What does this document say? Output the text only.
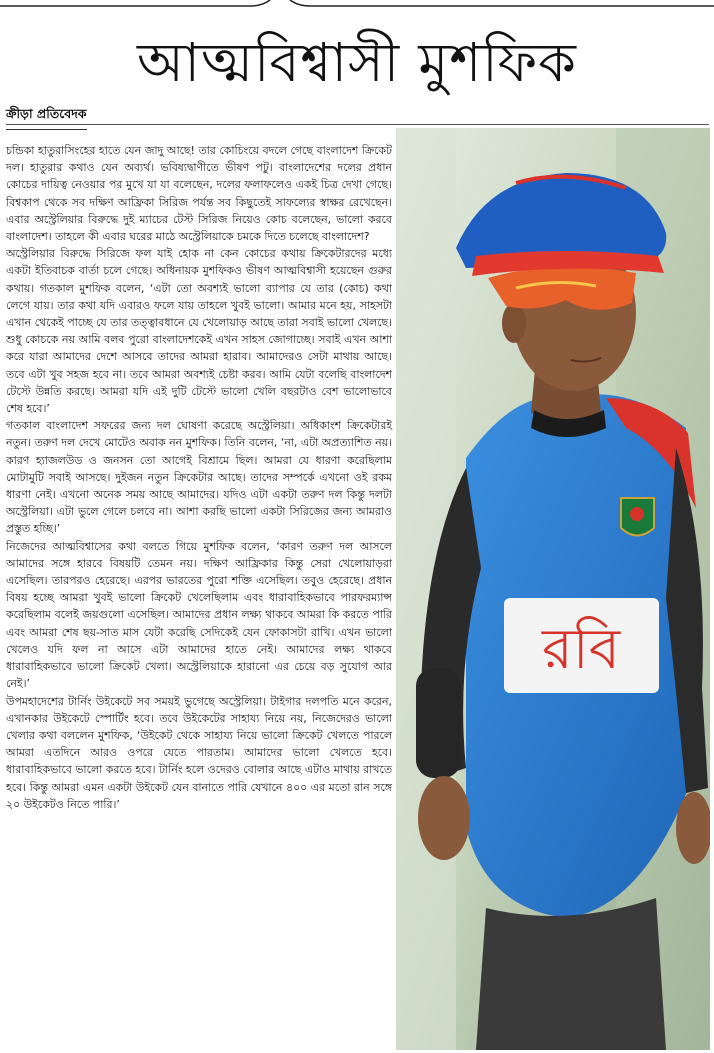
আত্মবিশ্বাসী মুশফিক
ক্রীড়া প্রতিবেদক

চন্ডিকা হাতুরাসিংহের হাতে যেন জাদু আছে! তার কোচিংয়ে বদলে গেছে বাংলাদেশ ক্রিকেট দল। হাতুরার কথাও যেন অব্যর্থ। ভবিষ্যদ্বাণীতে ভীষণ পটু। বাংলাদেশের দলের প্রধান কোচের দায়িত্ব নেওয়ার পর মুখে যা যা বলেছেন, দলের ফলাফলেও একই চিত্র দেখা গেছে। বিশ্বকাপ থেকে সব দক্ষিণ আফ্রিকা সিরিজ পর্যন্ত সব কিছুতেই সাফল্যের স্বাক্ষর রেখেছেন। এবার অস্ট্রেলিয়ার বিরুদ্ধে দুই ম্যাচের টেস্ট সিরিজ নিয়েও কোচ বলেছেন, ভালো করবে বাংলাদেশ। তাহলে কী এবার ঘরের মাঠে অস্ট্রেলিয়াকে চমকে দিতে চলেছে বাংলাদেশ?

অস্ট্রেলিয়ার বিরুদ্ধে সিরিজে ফল যাই হোক না কেন কোচের কথায় ক্রিকেটারদের মধ্যে একটা ইতিবাচক বার্তা চলে গেছে। অধিনায়ক মুশফিকও ভীষণ আত্মবিশ্বাসী হয়েছেন গুরুর কথায়। গতকাল মুশফিক বলেন, ‘এটা তো অবশ্যই ভালো ব্যাপার যে তার (কোচ) কথা লেগে যায়। তার কথা যদি এবারও ফলে যায় তাহলে খুবই ভালো। আমার মনে হয়, সাহসটা এখান থেকেই পাচ্ছে যে তার তত্ত্বাবধানে যে খেলোয়াড় আছে তারা সবাই ভালো খেলছে। শুধু কোচকে নয় আমি বলব পুরো বাংলাদেশকেই এখন সাহস জোগাচ্ছে। সবাই এখন আশা করে যারা আমাদের দেশে আসবে তাদের আমরা হারাব। আমাদেরও সেটা মাথায় আছে। তবে এটা খুব সহজ হবে না। তবে আমরা অবশ্যই চেষ্টা করব। আমি যেটা বলেছি বাংলাদেশ টেস্টে উন্নতি করছে। আমরা যদি এই দুটি টেস্টে ভালো খেলি বছরটাও বেশ ভালোভাবে শেষ হবে।’

গতকাল বাংলাদেশ সফরের জন্য দল ঘোষণা করেছে অস্ট্রেলিয়া। অধিকাংশ ক্রিকেটারই নতুন। তরুণ দল দেখে মোটেও অবাক নন মুশফিক। তিনি বলেন, ‘না, এটা অপ্রত্যাশিত নয়। কারণ হ্যাজলউড ও জনসন তো আগেই বিশ্রামে ছিল। আমরা যে ধারণা করেছিলাম মোটামুটি সবাই আসছে। দুইজন নতুন ক্রিকেটার আছে। তাদের সম্পর্কে এখনো ওই রকম ধারণা নেই। এখনো অনেক সময় আছে আমাদের। যদিও এটা একটা তরুণ দল কিন্তু দলটা অস্ট্রেলিয়া। এটা ভুলে গেলে চলবে না। আশা করছি ভালো একটা সিরিজের জন্য আমরাও প্রস্তুত হচ্ছি।’

নিজেদের আত্মবিশ্বাসের কথা বলতে গিয়ে মুশফিক বলেন, ‘কারণ তরুণ দল আসলে আমাদের সঙ্গে হারবে বিষয়টি তেমন নয়। দক্ষিণ আফ্রিকার কিন্তু সেরা খেলোয়াড়রা এসেছিল। তারপরও হেরেছে। এরপর ভারতের পুরো শক্তি এসেছিল। তবুও হেরেছে। প্রধান বিষয় হচ্ছে আমরা খুবই ভালো ক্রিকেট খেলেছিলাম এবং ধারাবাহিকভাবে পারফরম্যান্স করেছিলাম বলেই জয়গুলো এসেছিল। আমাদের প্রধান লক্ষ্য থাকবে আমরা কি করতে পারি এবং আমরা শেষ ছয়-সাত মাস যেটা করেছি সেদিকেই যেন ফোকাসটা রাখি। এখন ভালো খেলেও যদি ফল না আসে এটা আমাদের হাতে নেই। আমাদের লক্ষ্য থাকবে ধারাবাহিকভাবে ভালো ক্রিকেট খেলা। অস্ট্রেলিয়াকে হারানো এর চেয়ে বড় সুযোগ আর নেই।’

উপমহাদেশের টার্নিং উইকেটে সব সময়ই ভুগেছে অস্ট্রেলিয়া। টাইগার দলপতি মনে করেন, এখানকার উইকেটে স্পোর্টিং হবে। তবে উইকেটের সাহায্য নিয়ে নয়, নিজেদেরও ভালো খেলার কথা বললেন মুশফিক, ‘উইকেট থেকে সাহায্য নিয়ে ভালো ক্রিকেট খেলতে পারলে আমরা এতদিনে আরও ওপরে যেতে পারতাম। আমাদের ভালো খেলতে হবে। ধারাবাহিকভাবে ভালো করতে হবে। টার্নিং হলে ওদেরও বোলার আছে এটাও মাথায় রাখতে হবে। কিন্তু আমরা এমন একটা উইকেট যেন বানাতে পারি যেখানে ৪০০ এর মতো রান সঙ্গে ২০ উইকেটও নিতে পারি।’

রবি
